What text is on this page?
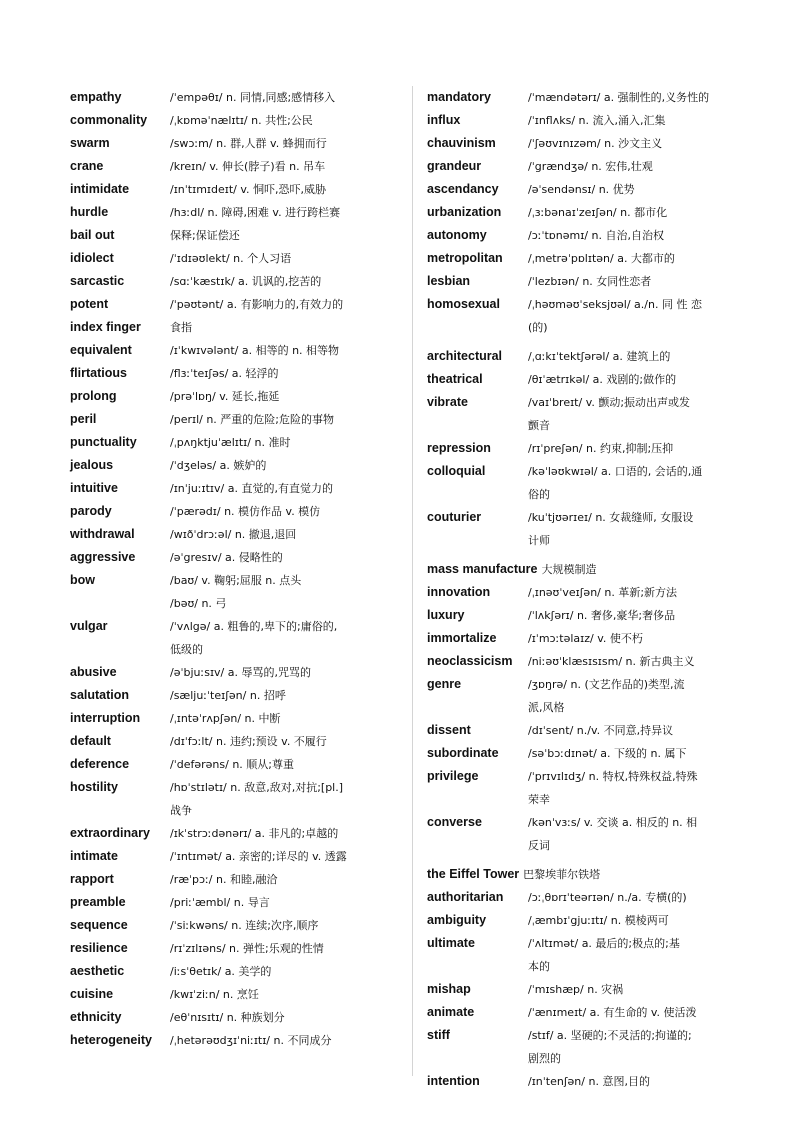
empathy	/ˈempəθɪ/ n. 同情,同感;感情移入
commonality	/ˌkɒməˈnælɪtɪ/ n. 共性;公民
swarm	/swɔːm/ n. 群,人群 v. 蜂拥而行
crane	/kreɪn/ v. 伸长(脖子)看 n. 吊车
intimidate	/ɪnˈtɪmɪdeɪt/ v. 恫吓,恐吓,威胁
hurdle	/hɜːdl/ n. 障碍,困难 v. 进行跨栏赛
bail out	保释;保证偿还
idiolect	/ˈɪdɪəʊlekt/ n. 个人习语
sarcastic	/sɑːˈkæstɪk/ a. 讥讽的,挖苦的
potent	/ˈpəʊtənt/ a. 有影响力的,有效力的
index finger	食指
equivalent	/ɪˈkwɪvələnt/ a. 相等的 n. 相等物
flirtatious	/flɜːˈteɪʃəs/ a. 轻浮的
prolong	/prəˈlɒŋ/ v. 延长,拖延
peril	/perɪl/ n. 严重的危险;危险的事物
punctuality	/ˌpʌŋktjuˈælɪtɪ/ n. 准时
jealous	/ˈdʒeləs/ a. 嫉妒的
intuitive	/ɪnˈjuːɪtɪv/ a. 直觉的,有直觉力的
parody	/ˈpærədɪ/ n. 模仿作品 v. 模仿
withdrawal	/wɪðˈdrɔːəl/ n. 撤退,退回
aggressive	/əˈgresɪv/ a. 侵略性的
bow	/baʊ/ v. 鞠躬;屈服 n. 点头
/bəʊ/ n. 弓
vulgar	/ˈvʌlgə/ a. 粗鲁的,卑下的;庸俗的,
低级的
abusive	/əˈbjuːsɪv/ a. 辱骂的,咒骂的
salutation	/sæljuːˈteɪʃən/ n. 招呼
interruption	/ˌɪntəˈrʌpʃən/ n. 中断
default	/dɪˈfɔːlt/ n. 违约;预设 v. 不履行
deference	/ˈdefərəns/ n. 顺从;尊重
hostility	/hɒˈstɪlətɪ/ n. 敌意,敌对,对抗;[pl.]
战争
extraordinary	/ɪkˈstrɔːdənərɪ/ a. 非凡的;卓越的
intimate	/ˈɪntɪmət/ a. 亲密的;详尽的 v. 透露
rapport	/ræˈpɔː/ n. 和睦,融洽
preamble	/priːˈæmbl/ n. 导言
sequence	/ˈsiːkwəns/ n. 连续;次序,顺序
resilience	/rɪˈzɪlɪəns/ n. 弹性;乐观的性情
aesthetic	/iːsˈθetɪk/ a. 美学的
cuisine	/kwɪˈziːn/ n. 烹饪
ethnicity	/eθˈnɪsɪtɪ/ n. 种族划分
heterogeneity	/ˌhetərəʊdʒɪˈniːɪtɪ/ n. 不同成分
mandatory	/ˈmændətərɪ/ a. 强制性的,义务性的
influx	/ˈɪnflʌks/ n. 流入,涌入,汇集
chauvinism	/ˈʃəʊvɪnɪzəm/ n. 沙文主义
grandeur	/ˈgrændʒə/ n. 宏伟,壮观
ascendancy	/əˈsendənsɪ/ n. 优势
urbanization	/ˌɜːbənaɪˈzeɪʃən/ n. 都市化
autonomy	/ɔːˈtɒnəmɪ/ n. 自治,自治权
metropolitan	/ˌmetrəˈpɒlɪtən/ a. 大都市的
lesbian	/ˈlezbɪən/ n. 女同性恋者
homosexual	/ˌhəʊməʊˈseksjʊəl/ a./n. 同 性 恋
(的)
architectural	/ˌɑːkɪˈtektʃərəl/ a. 建筑上的
theatrical	/θɪˈætrɪkəl/ a. 戏剧的;做作的
vibrate	/vaɪˈbreɪt/ v. 颤动;振动出声或发
颤音
repression	/rɪˈpreʃən/ n. 约束,抑制;压抑
colloquial	/kəˈləʊkwɪəl/ a. 口语的, 会话的,通
俗的
couturier	/kuˈtjʊərɪeɪ/ n. 女裁缝师, 女服设
计师
mass manufacture 大规模制造
innovation	/ˌɪnəʊˈveɪʃən/ n. 革新;新方法
luxury	/ˈlʌkʃərɪ/ n. 奢侈,豪华;奢侈品
immortalize	/ɪˈmɔːtəlaɪz/ v. 使不朽
neoclassicism	/niːəʊˈklæsɪsɪsm/ n. 新古典主义
genre	/ʒɒŋrə/ n. (文艺作品的)类型,流
派,风格
dissent	/dɪˈsent/ n./v. 不同意,持异议
subordinate	/səˈbɔːdɪnət/ a. 下级的 n. 属下
privilege	/ˈprɪvɪlɪdʒ/ n. 特权,特殊权益,特殊
荣幸
converse	/kənˈvɜːs/ v. 交谈 a. 相反的 n. 相
反词
the Eiffel Tower 巴黎埃菲尔铁塔
authoritarian	/ɔːˌθɒrɪˈteərɪən/ n./a. 专横(的)
ambiguity	/ˌæmbɪˈgjuːɪtɪ/ n. 模棱两可
ultimate	/ˈʌltɪmət/ a. 最后的;极点的;基
本的
mishap	/ˈmɪshæp/ n. 灾祸
animate	/ˈænɪmeɪt/ a. 有生命的 v. 使活泼
stiff	/stɪf/ a. 坚硬的;不灵活的;拘谨的;
剧烈的
intention	/ɪnˈtenʃən/ n. 意图,目的
